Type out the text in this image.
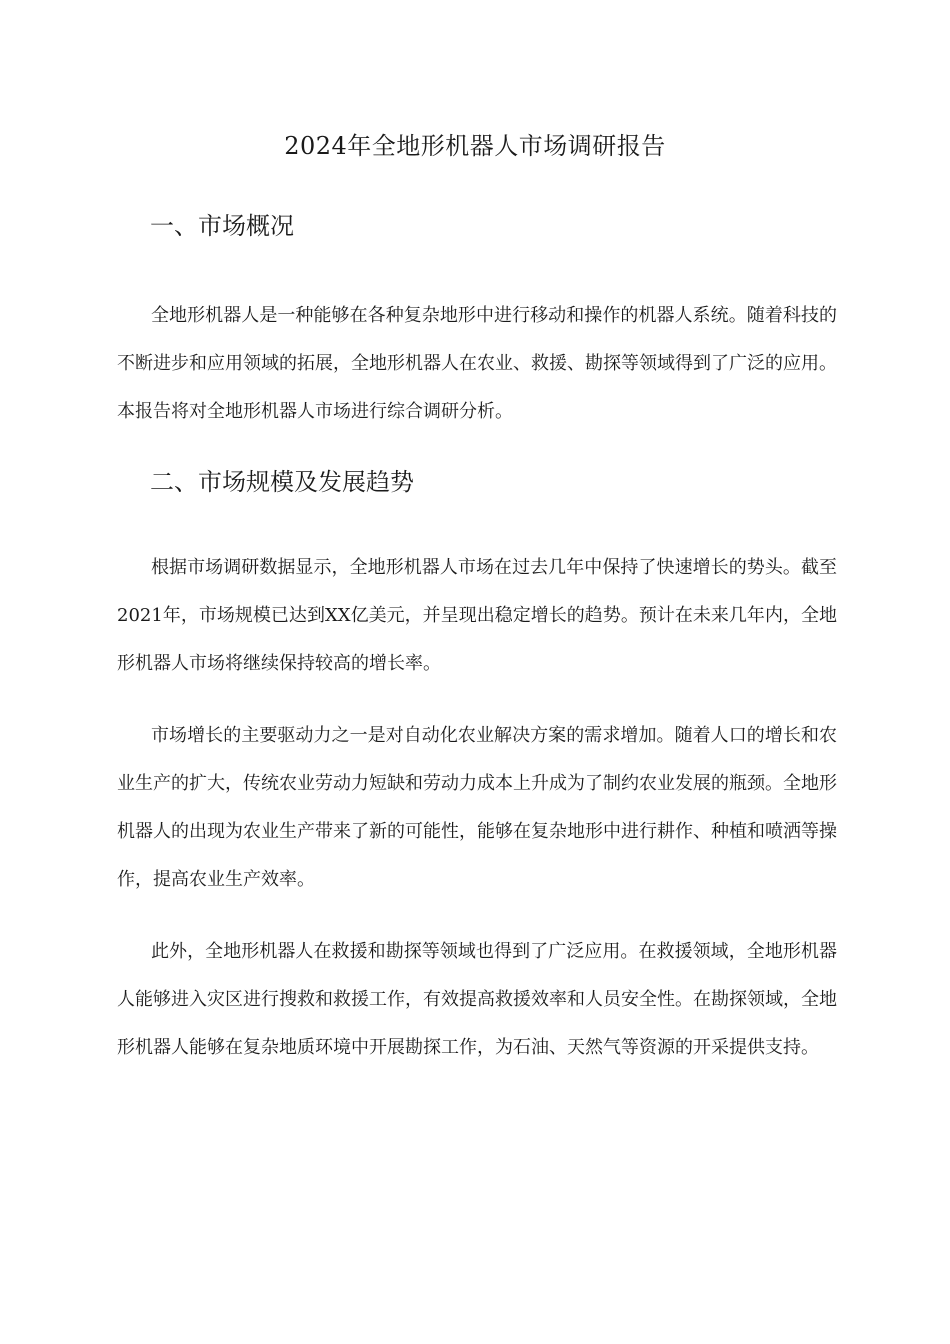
2024年全地形机器人市场调研报告
一、市场概况

全地形机器人是一种能够在各种复杂地形中进行移动和操作的机器人系统。随着科技的不断进步和应用领域的拓展，全地形机器人在农业、救援、勘探等领域得到了广泛的应用。本报告将对全地形机器人市场进行综合调研分析。

二、市场规模及发展趋势

根据市场调研数据显示，全地形机器人市场在过去几年中保持了快速增长的势头。截至2021年，市场规模已达到XX亿美元，并呈现出稳定增长的趋势。预计在未来几年内，全地形机器人市场将继续保持较高的增长率。

市场增长的主要驱动力之一是对自动化农业解决方案的需求增加。随着人口的增长和农业生产的扩大，传统农业劳动力短缺和劳动力成本上升成为了制约农业发展的瓶颈。全地形机器人的出现为农业生产带来了新的可能性，能够在复杂地形中进行耕作、种植和喷洒等操作，提高农业生产效率。

此外，全地形机器人在救援和勘探等领域也得到了广泛应用。在救援领域，全地形机器人能够进入灾区进行搜救和救援工作，有效提高救援效率和人员安全性。在勘探领域，全地形机器人能够在复杂地质环境中开展勘探工作，为石油、天然气等资源的开采提供支持。
